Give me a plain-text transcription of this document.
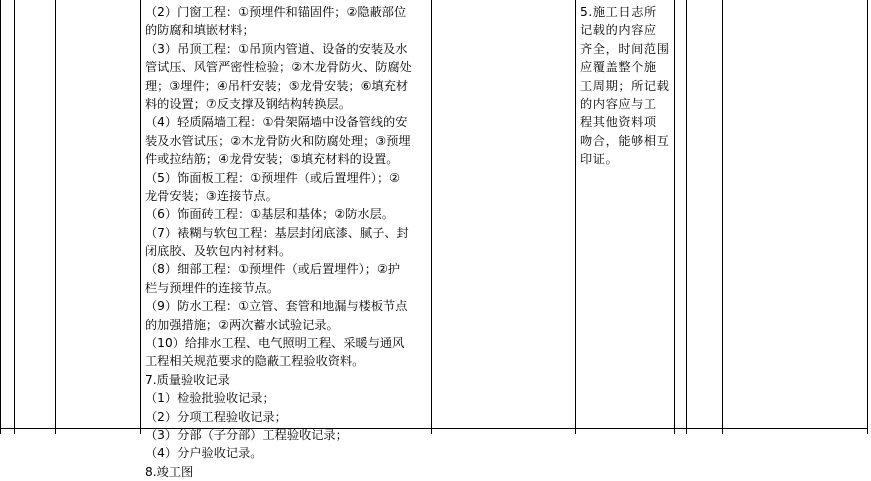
（2）门窗工程：①预埋件和锚固件；②隐蔽部位
的防腐和填嵌材料；
（3）吊顶工程：①吊顶内管道、设备的安装及水
管试压、风管严密性检验；②木龙骨防火、防腐处
理；③埋件；④吊杆安装；⑤龙骨安装；⑥填充材
料的设置；⑦反支撑及钢结构转换层。
（4）轻质隔墙工程：①骨架隔墙中设备管线的安
装及水管试压；②木龙骨防火和防腐处理；③预埋
件或拉结筋；④龙骨安装；⑤填充材料的设置。
（5）饰面板工程：①预埋件（或后置埋件）；②
龙骨安装；③连接节点。
（6）饰面砖工程：①基层和基体；②防水层。
（7）裱糊与软包工程：基层封闭底漆、腻子、封
闭底胶、及软包内衬材料。
（8）细部工程：①预埋件（或后置埋件）；②护
栏与预埋件的连接节点。
（9）防水工程：①立管、套管和地漏与楼板节点
的加强措施；②两次蓄水试验记录。
（10）给排水工程、电气照明工程、采暖与通风
工程相关规范要求的隐蔽工程验收资料。
7.质量验收记录
（1）检验批验收记录；
（2）分项工程验收记录；
（3）分部（子分部）工程验收记录；
（4）分户验收记录。
8.竣工图
5.施工日志所
记载的内容应
齐全，时间范围
应覆盖整个施
工周期；所记载
的内容应与工
程其他资料项
吻合，能够相互
印证。
